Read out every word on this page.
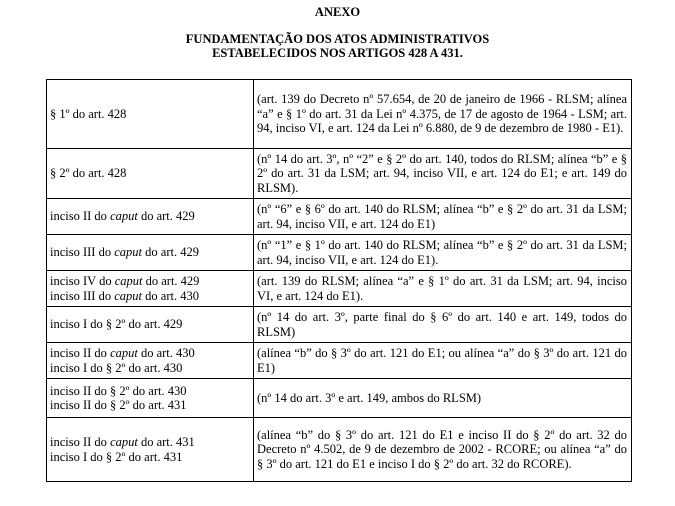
ANEXO
FUNDAMENTAÇÃO DOS ATOS ADMINISTRATIVOS
ESTABELECIDOS NOS ARTIGOS 428 A 431.
§ 1º do art. 428	(art. 139 do Decreto nº 57.654, de 20 de janeiro de 1966 - RLSM; alínea “a” e § 1º do art. 31 da Lei nº 4.375, de 17 de agosto de 1964 - LSM; art. 94, inciso VI, e art. 124 da Lei nº 6.880, de 9 de dezembro de 1980 - E1).

§ 2º do art. 428	(nº 14 do art. 3º, nº “2” e § 2º do art. 140, todos do RLSM; alínea “b” e § 2º do art. 31 da LSM; art. 94, inciso VII, e art. 124 do E1; e art. 149 do RLSM).

inciso II do caput do art. 429	(nº “6” e § 6º do art. 140 do RLSM; alínea “b” e § 2º do art. 31 da LSM; art. 94, inciso VII, e art. 124 do E1)

inciso III do caput do art. 429	(nº “1” e § 1º do art. 140 do RLSM; alínea “b” e § 2º do art. 31 da LSM; art. 94, inciso VII, e art. 124 do E1).

inciso IV do caput do art. 429
inciso III do caput do art. 430	(art. 139 do RLSM; alínea “a” e § 1º do art. 31 da LSM; art. 94, inciso VI, e art. 124 do E1).

inciso I do § 2º do art. 429	(nº 14 do art. 3º, parte final do § 6º do art. 140 e art. 149, todos do RLSM)

inciso II do caput do art. 430
inciso I do § 2º do art. 430	(alínea “b” do § 3º do art. 121 do E1; ou alínea “a” do § 3º do art. 121 do E1)

inciso II do § 2º do art. 430
inciso II do § 2º do art. 431	(nº 14 do art. 3º e art. 149, ambos do RLSM)

inciso II do caput do art. 431
inciso I do § 2º do art. 431	(alínea “b” do § 3º do art. 121 do E1 e inciso II do § 2º do art. 32 do Decreto nº 4.502, de 9 de dezembro de 2002 - RCORE; ou alínea “a” do § 3º do art. 121 do E1 e inciso I do § 2º do art. 32 do RCORE).
